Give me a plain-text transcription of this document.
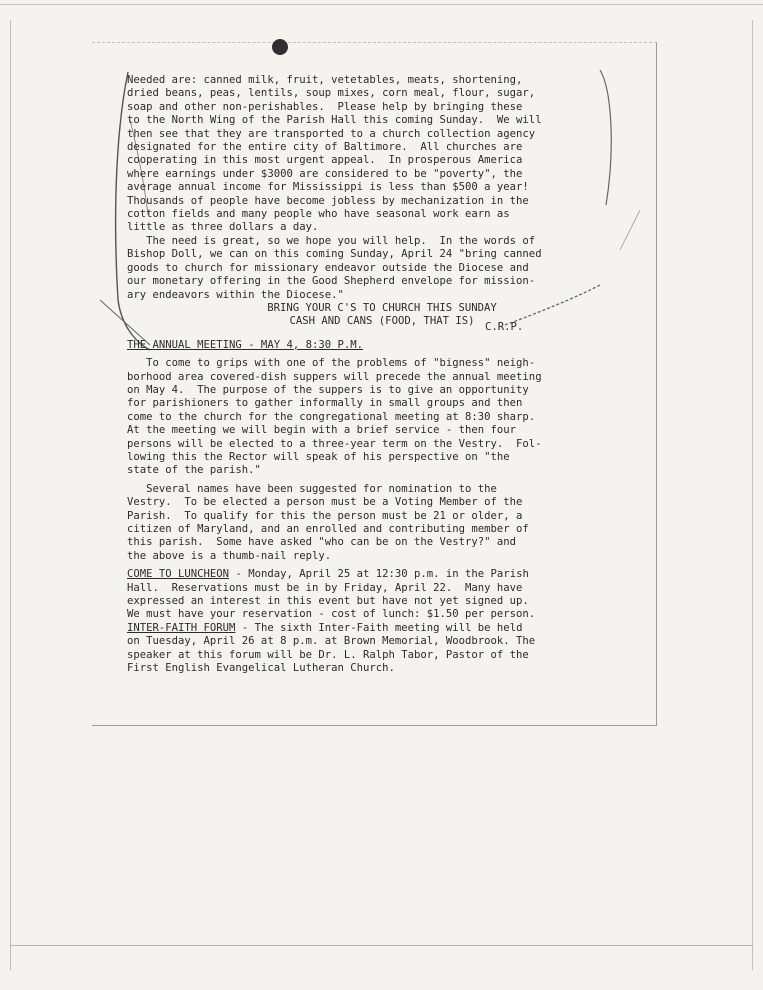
Needed are: canned milk, fruit, vetetables, meats, shortening,
dried beans, peas, lentils, soup mixes, corn meal, flour, sugar,
soap and other non-perishables.  Please help by bringing these
to the North Wing of the Parish Hall this coming Sunday.  We will
then see that they are transported to a church collection agency
designated for the entire city of Baltimore.  All churches are
cooperating in this most urgent appeal.  In prosperous America
where earnings under $3000 are considered to be "poverty", the
average annual income for Mississippi is less than $500 a year!
Thousands of people have become jobless by mechanization in the
cotton fields and many people who have seasonal work earn as
little as three dollars a day.
The need is great, so we hope you will help.  In the words of
Bishop Doll, we can on this coming Sunday, April 24 "bring canned
goods to church for missionary endeavor outside the Diocese and
our monetary offering in the Good Shepherd envelope for mission-
ary endeavors within the Diocese."
BRING YOUR C'S TO CHURCH THIS SUNDAY
CASH AND CANS (FOOD, THAT IS)
THE ANNUAL MEETING - MAY 4, 8:30 P.M.
To come to grips with one of the problems of "bigness" neigh-
borhood area covered-dish suppers will precede the annual meeting
on May 4.  The purpose of the suppers is to give an opportunity
for parishioners to gather informally in small groups and then
come to the church for the congregational meeting at 8:30 sharp.
At the meeting we will begin with a brief service - then four
persons will be elected to a three-year term on the Vestry.  Fol-
lowing this the Rector will speak of his perspective on "the
state of the parish."
Several names have been suggested for nomination to the
Vestry.  To be elected a person must be a Voting Member of the
Parish.  To qualify for this the person must be 21 or older, a
citizen of Maryland, and an enrolled and contributing member of
this parish.  Some have asked "who can be on the Vestry?" and
the above is a thumb-nail reply.
COME TO LUNCHEON - Monday, April 25 at 12:30 p.m. in the Parish
Hall.  Reservations must be in by Friday, April 22.  Many have
expressed an interest in this event but have not yet signed up.
We must have your reservation - cost of lunch: $1.50 per person.
INTER-FAITH FORUM - The sixth Inter-Faith meeting will be held
on Tuesday, April 26 at 8 p.m. at Brown Memorial, Woodbrook. The
speaker at this forum will be Dr. L. Ralph Tabor, Pastor of the
First English Evangelical Lutheran Church.
C.R.P.
